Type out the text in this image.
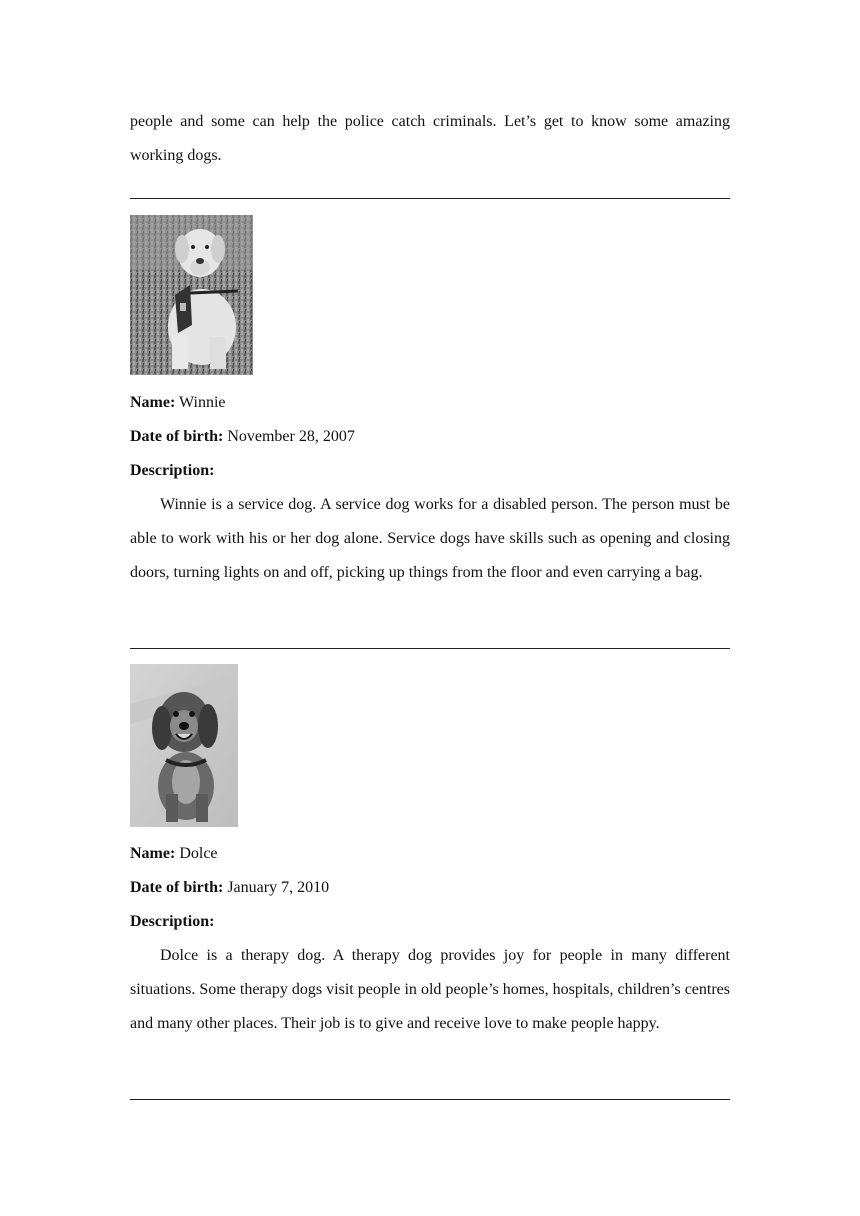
people and some can help the police catch criminals. Let’s get to know some amazing

working dogs.

Name: Winnie
Date of birth: November 28, 2007
Description:

Winnie is a service dog. A service dog works for a disabled person. The person must be able to work with his or her dog alone. Service dogs have skills such as opening and closing doors, turning lights on and off, picking up things from the floor and even carrying a bag.

Name: Dolce
Date of birth: January 7, 2010
Description:

Dolce is a therapy dog. A therapy dog provides joy for people in many different situations. Some therapy dogs visit people in old people’s homes, hospitals, children’s centres and many other places. Their job is to give and receive love to make people happy.
